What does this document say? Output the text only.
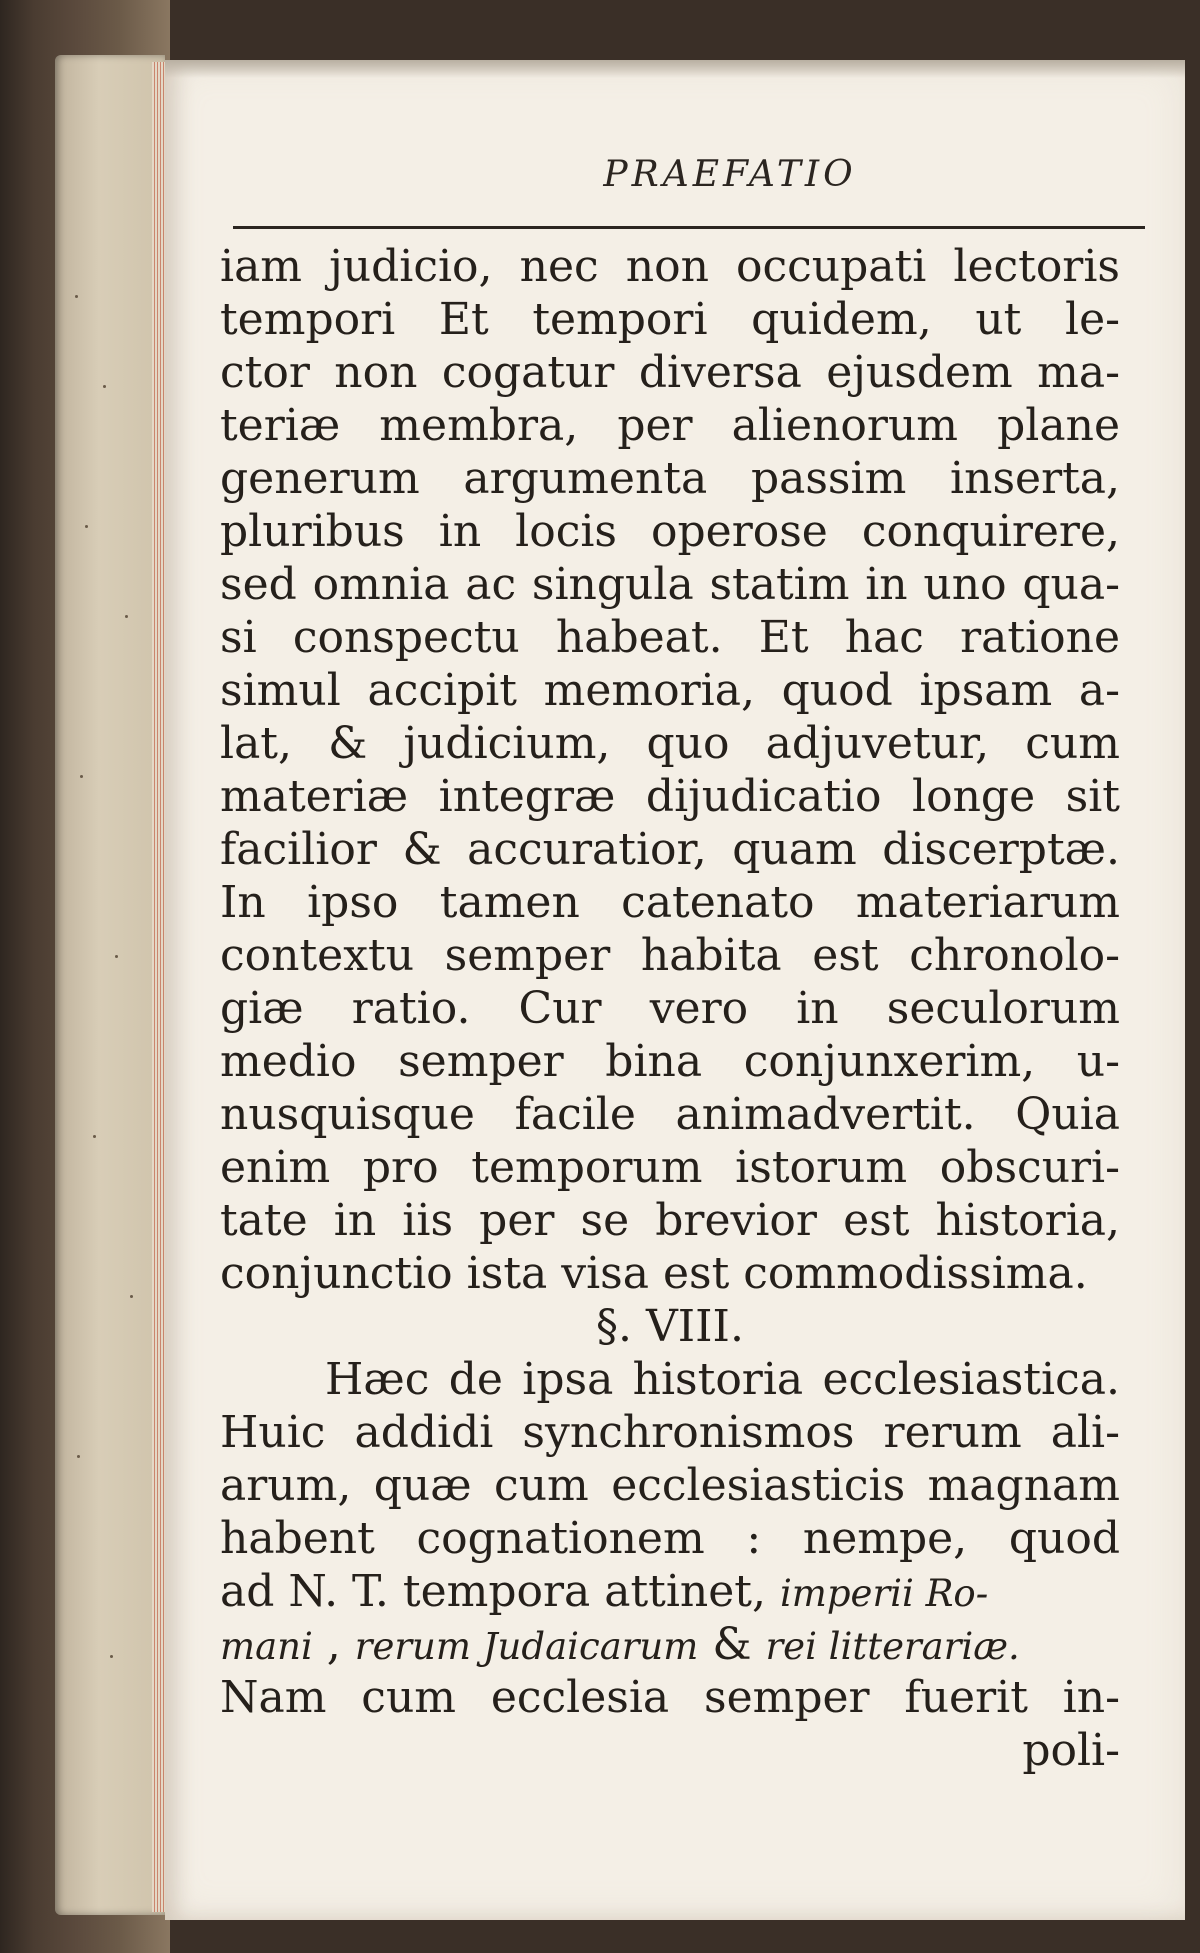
PRAEFATIO
iam judicio, nec non occupati lectoris
tempori Et tempori quidem, ut le-
ctor non cogatur diversa ejusdem ma-
teriæ membra, per alienorum plane
generum argumenta passim inserta,
pluribus in locis operose conquirere,
sed omnia ac singula statim in uno qua-
si conspectu habeat. Et hac ratione
simul accipit memoria, quod ipsam a-
lat, & judicium, quo adjuvetur, cum
materiæ integræ dijudicatio longe sit
facilior & accuratior, quam discerptæ.
In ipso tamen catenato materiarum
contextu semper habita est chronolo-
giæ ratio. Cur vero in seculorum
medio semper bina conjunxerim, u-
nusquisque facile animadvertit. Quia
enim pro temporum istorum obscuri-
tate in iis per se brevior est historia,
conjunctio ista visa est commodissima.
§. VIII.
Hæc de ipsa historia ecclesiastica.
Huic addidi synchronismos rerum ali-
arum, quæ cum ecclesiasticis magnam
habent cognationem : nempe, quod
ad N. T. tempora attinet, imperii Ro-
mani , rerum Judaicarum & rei litterariæ.
Nam cum ecclesia semper fuerit in-
poli-
